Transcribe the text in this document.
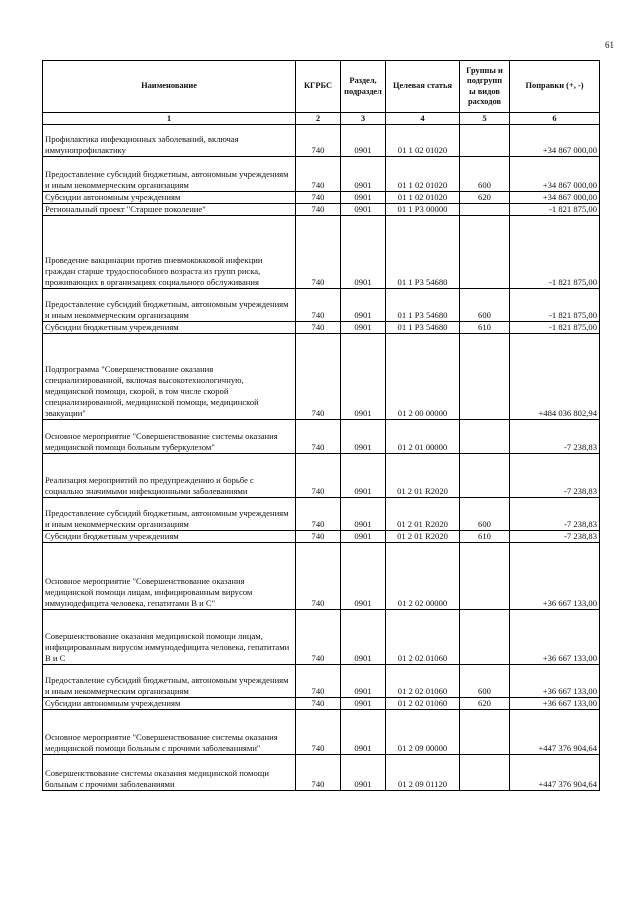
61
Наименование	КГРБС	Раздел, подраздел	Целевая статья	Группы и
подгрупп
ы видов
расходов	Поправки (+, -)
1	2	3	4	5	6
Профилактика инфекционных заболеваний, включая иммунопрофилактику	740	0901	01 1 02 01020		+34 867 000,00
Предоставление субсидий бюджетным, автономным учреждениям и иным некоммерческим организациям	740	0901	01 1 02 01020	600	+34 867 000,00
Субсидии автономным учреждениям	740	0901	01 1 02 01020	620	+34 867 000,00
Региональный проект "Старшее поколение"	740	0901	01 1 P3 00000		-1 821 875,00
Проведение вакцинации против пневмококковой инфекции граждан старше трудоспособного возраста из групп риска, проживающих в организациях социального обслуживания	740	0901	01 1 P3 54680		-1 821 875,00
Предоставление субсидий бюджетным, автономным учреждениям и иным некоммерческим организациям	740	0901	01 1 P3 54680	600	-1 821 875,00
Субсидии бюджетным учреждениям	740	0901	01 1 P3 54680	610	-1 821 875,00
Подпрограмма "Совершенствование оказания специализированной, включая высокотехнологичную, медицинской помощи, скорой, в том числе скорой специализированной, медицинской помощи, медицинской эвакуации"	740	0901	01 2 00 00000		+484 036 802,94
Основное мероприятие "Совершенствование системы оказания медицинской помощи больным туберкулезом"	740	0901	01 2 01 00000		-7 238,83
Реализация мероприятий по предупреждению и борьбе с социально значимыми инфекционными заболеваниями	740	0901	01 2 01 R2020		-7 238,83
Предоставление субсидий бюджетным, автономным учреждениям и иным некоммерческим организациям	740	0901	01 2 01 R2020	600	-7 238,83
Субсидии бюджетным учреждениям	740	0901	01 2 01 R2020	610	-7 238,83
Основное мероприятие "Совершенствование оказания медицинской помощи лицам, инфицированным вирусом иммунодефицита человека, гепатитами В и С"	740	0901	01 2 02 00000		+36 667 133,00
Совершенствование оказания медицинской помощи лицам, инфицированным вирусом иммунодефицита человека, гепатитами В и С	740	0901	01 2 02 01060		+36 667 133,00
Предоставление субсидий бюджетным, автономным учреждениям и иным некоммерческим организациям	740	0901	01 2 02 01060	600	+36 667 133,00
Субсидии автономным учреждениям	740	0901	01 2 02 01060	620	+36 667 133,00
Основное мероприятие "Совершенствование системы оказания медицинской помощи больным с прочими заболеваниями"	740	0901	01 2 09 00000		+447 376 904,64
Совершенствование системы оказания медицинской помощи больным с прочими заболеваниями	740	0901	01 2 09 01120		+447 376 904,64
